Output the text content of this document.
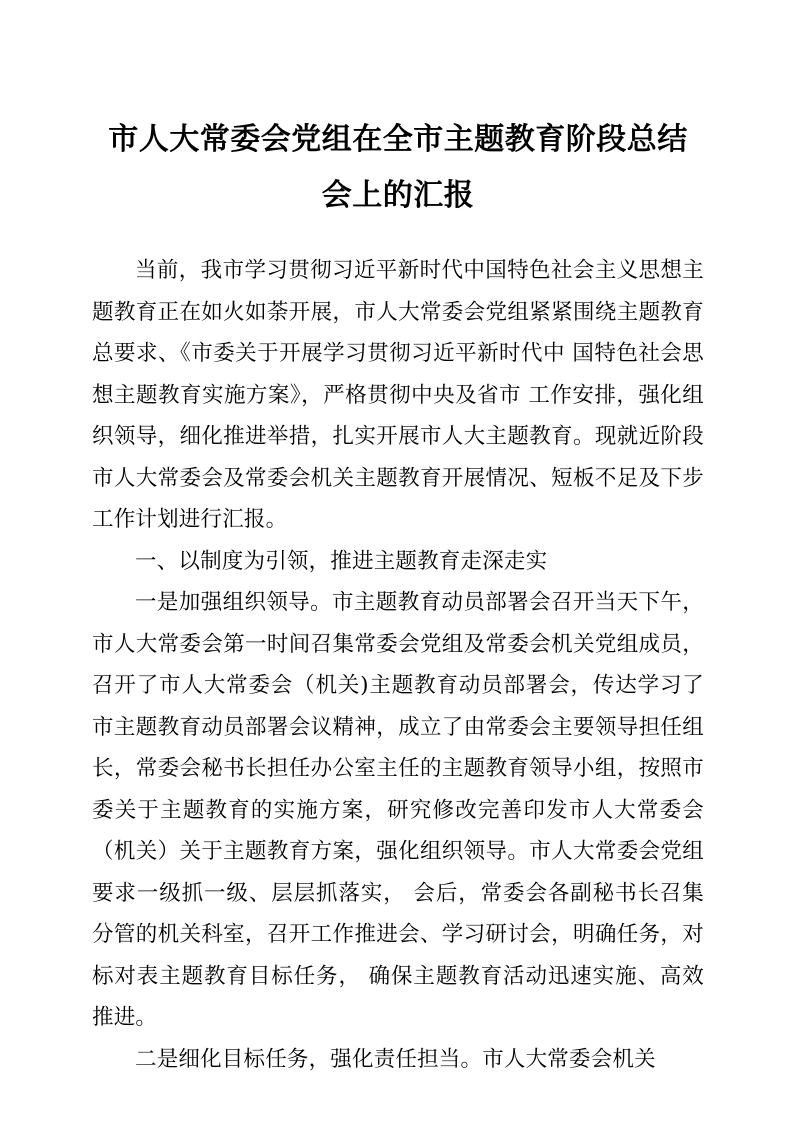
市人大常委会党组在全市主题教育阶段总结会上的汇报

当前，我市学习贯彻习近平新时代中国特色社会主义思想主题教育正在如火如荼开展，市人大常委会党组紧紧围绕主题教育总要求、《市委关于开展学习贯彻习近平新时代中 国特色社会思想主题教育实施方案》，严格贯彻中央及省市 工作安排，强化组织领导，细化推进举措，扎实开展市人大主题教育。现就近阶段市人大常委会及常委会机关主题教育开展情况、短板不足及下步工作计划进行汇报。

一、以制度为引领，推进主题教育走深走实

一是加强组织领导。市主题教育动员部署会召开当天下午，市人大常委会第一时间召集常委会党组及常委会机关党组成员，召开了市人大常委会（机关)主题教育动员部署会，传达学习了市主题教育动员部署会议精神，成立了由常委会主要领导担任组长，常委会秘书长担任办公室主任的主题教育领导小组，按照市委关于主题教育的实施方案，研究修改完善印发市人大常委会（机关）关于主题教育方案，强化组织领导。市人大常委会党组要求一级抓一级、层层抓落实， 会后，常委会各副秘书长召集分管的机关科室，召开工作推进会、学习研讨会，明确任务，对标对表主题教育目标任务， 确保主题教育活动迅速实施、高效推进。

二是细化目标任务，强化责任担当。市人大常委会机关
